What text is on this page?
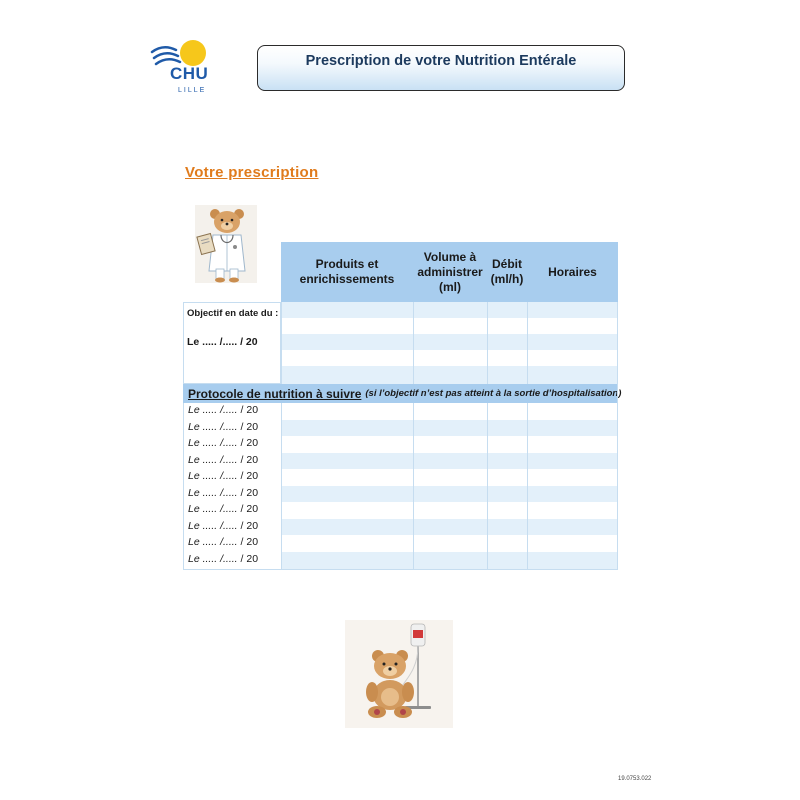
CHU
LILLE
Prescription de votre Nutrition Entérale
Votre prescription
Produits et enrichissements
Volume à administrer (ml)
Débit (ml/h)
Horaires
Objectif en date du :
Le ..... /..... / 20
Protocole de nutrition à suivre (si l’objectif n’est pas atteint à la sortie d’hospitalisation)
Le ..... /..... / 20
Le ..... /..... / 20
Le ..... /..... / 20
Le ..... /..... / 20
Le ..... /..... / 20
Le ..... /..... / 20
Le ..... /..... / 20
Le ..... /..... / 20
Le ..... /..... / 20
Le ..... /..... / 20
19.0753.022
